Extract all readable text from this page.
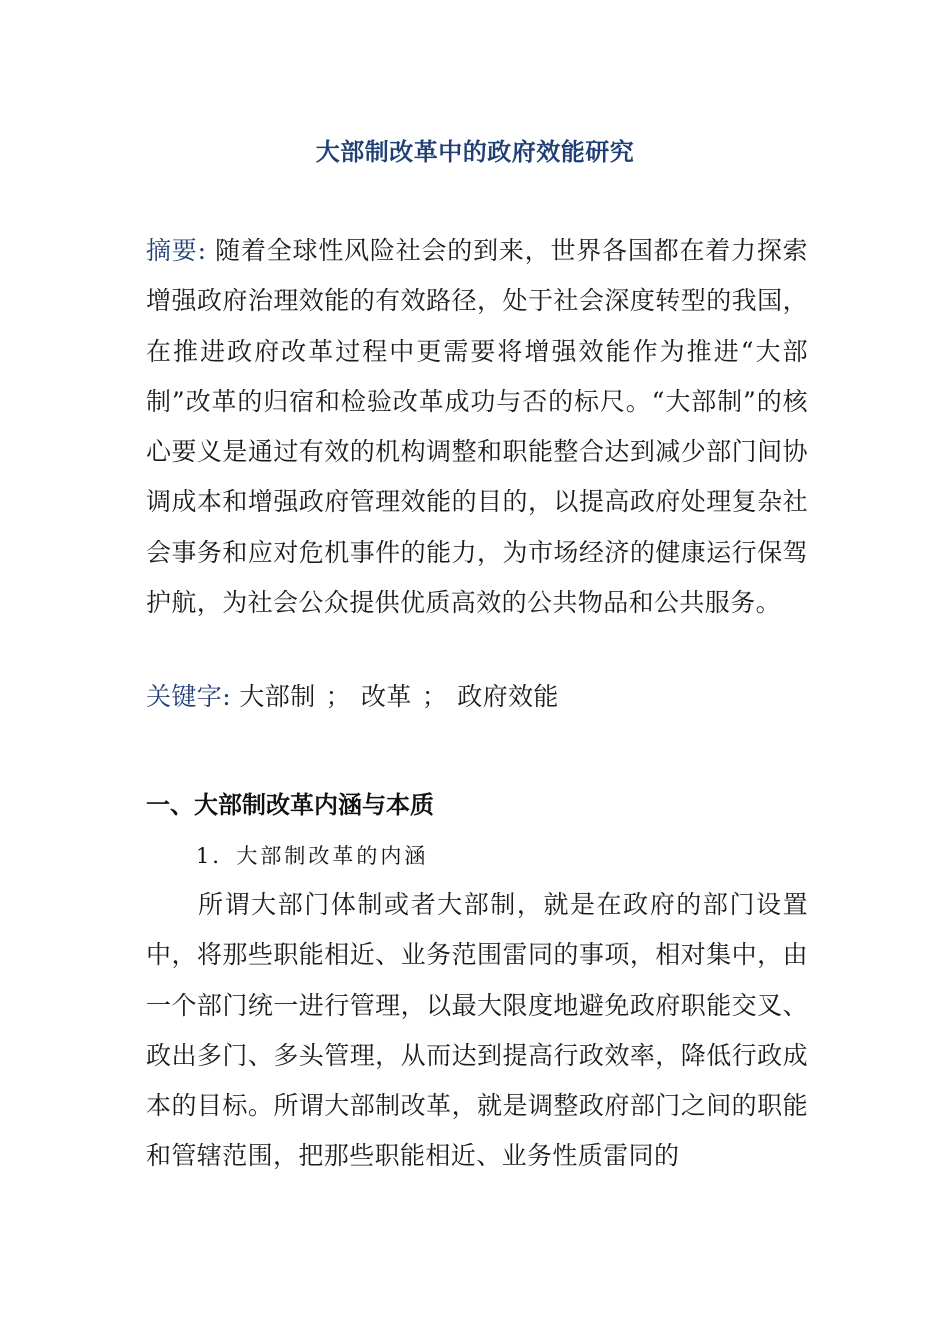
大部制改革中的政府效能研究
摘要: 随着全球性风险社会的到来，世界各国都在着力探索增强政府治理效能的有效路径，处于社会深度转型的我国，在推进政府改革过程中更需要将增强效能作为推进“大部制”改革的归宿和检验改革成功与否的标尺。“大部制”的核心要义是通过有效的机构调整和职能整合达到减少部门间协调成本和增强政府管理效能的目的，以提高政府处理复杂社会事务和应对危机事件的能力，为市场经济的健康运行保驾护航，为社会公众提供优质高效的公共物品和公共服务。
关键字: 大部制 ； 改革 ； 政府效能
一、大部制改革内涵与本质
1．大部制改革的内涵
所谓大部门体制或者大部制，就是在政府的部门设置中，将那些职能相近、业务范围雷同的事项，相对集中，由一个部门统一进行管理，以最大限度地避免政府职能交叉、政出多门、多头管理，从而达到提高行政效率，降低行政成本的目标。所谓大部制改革，就是调整政府部门之间的职能和管辖范围，把那些职能相近、业务性质雷同的
